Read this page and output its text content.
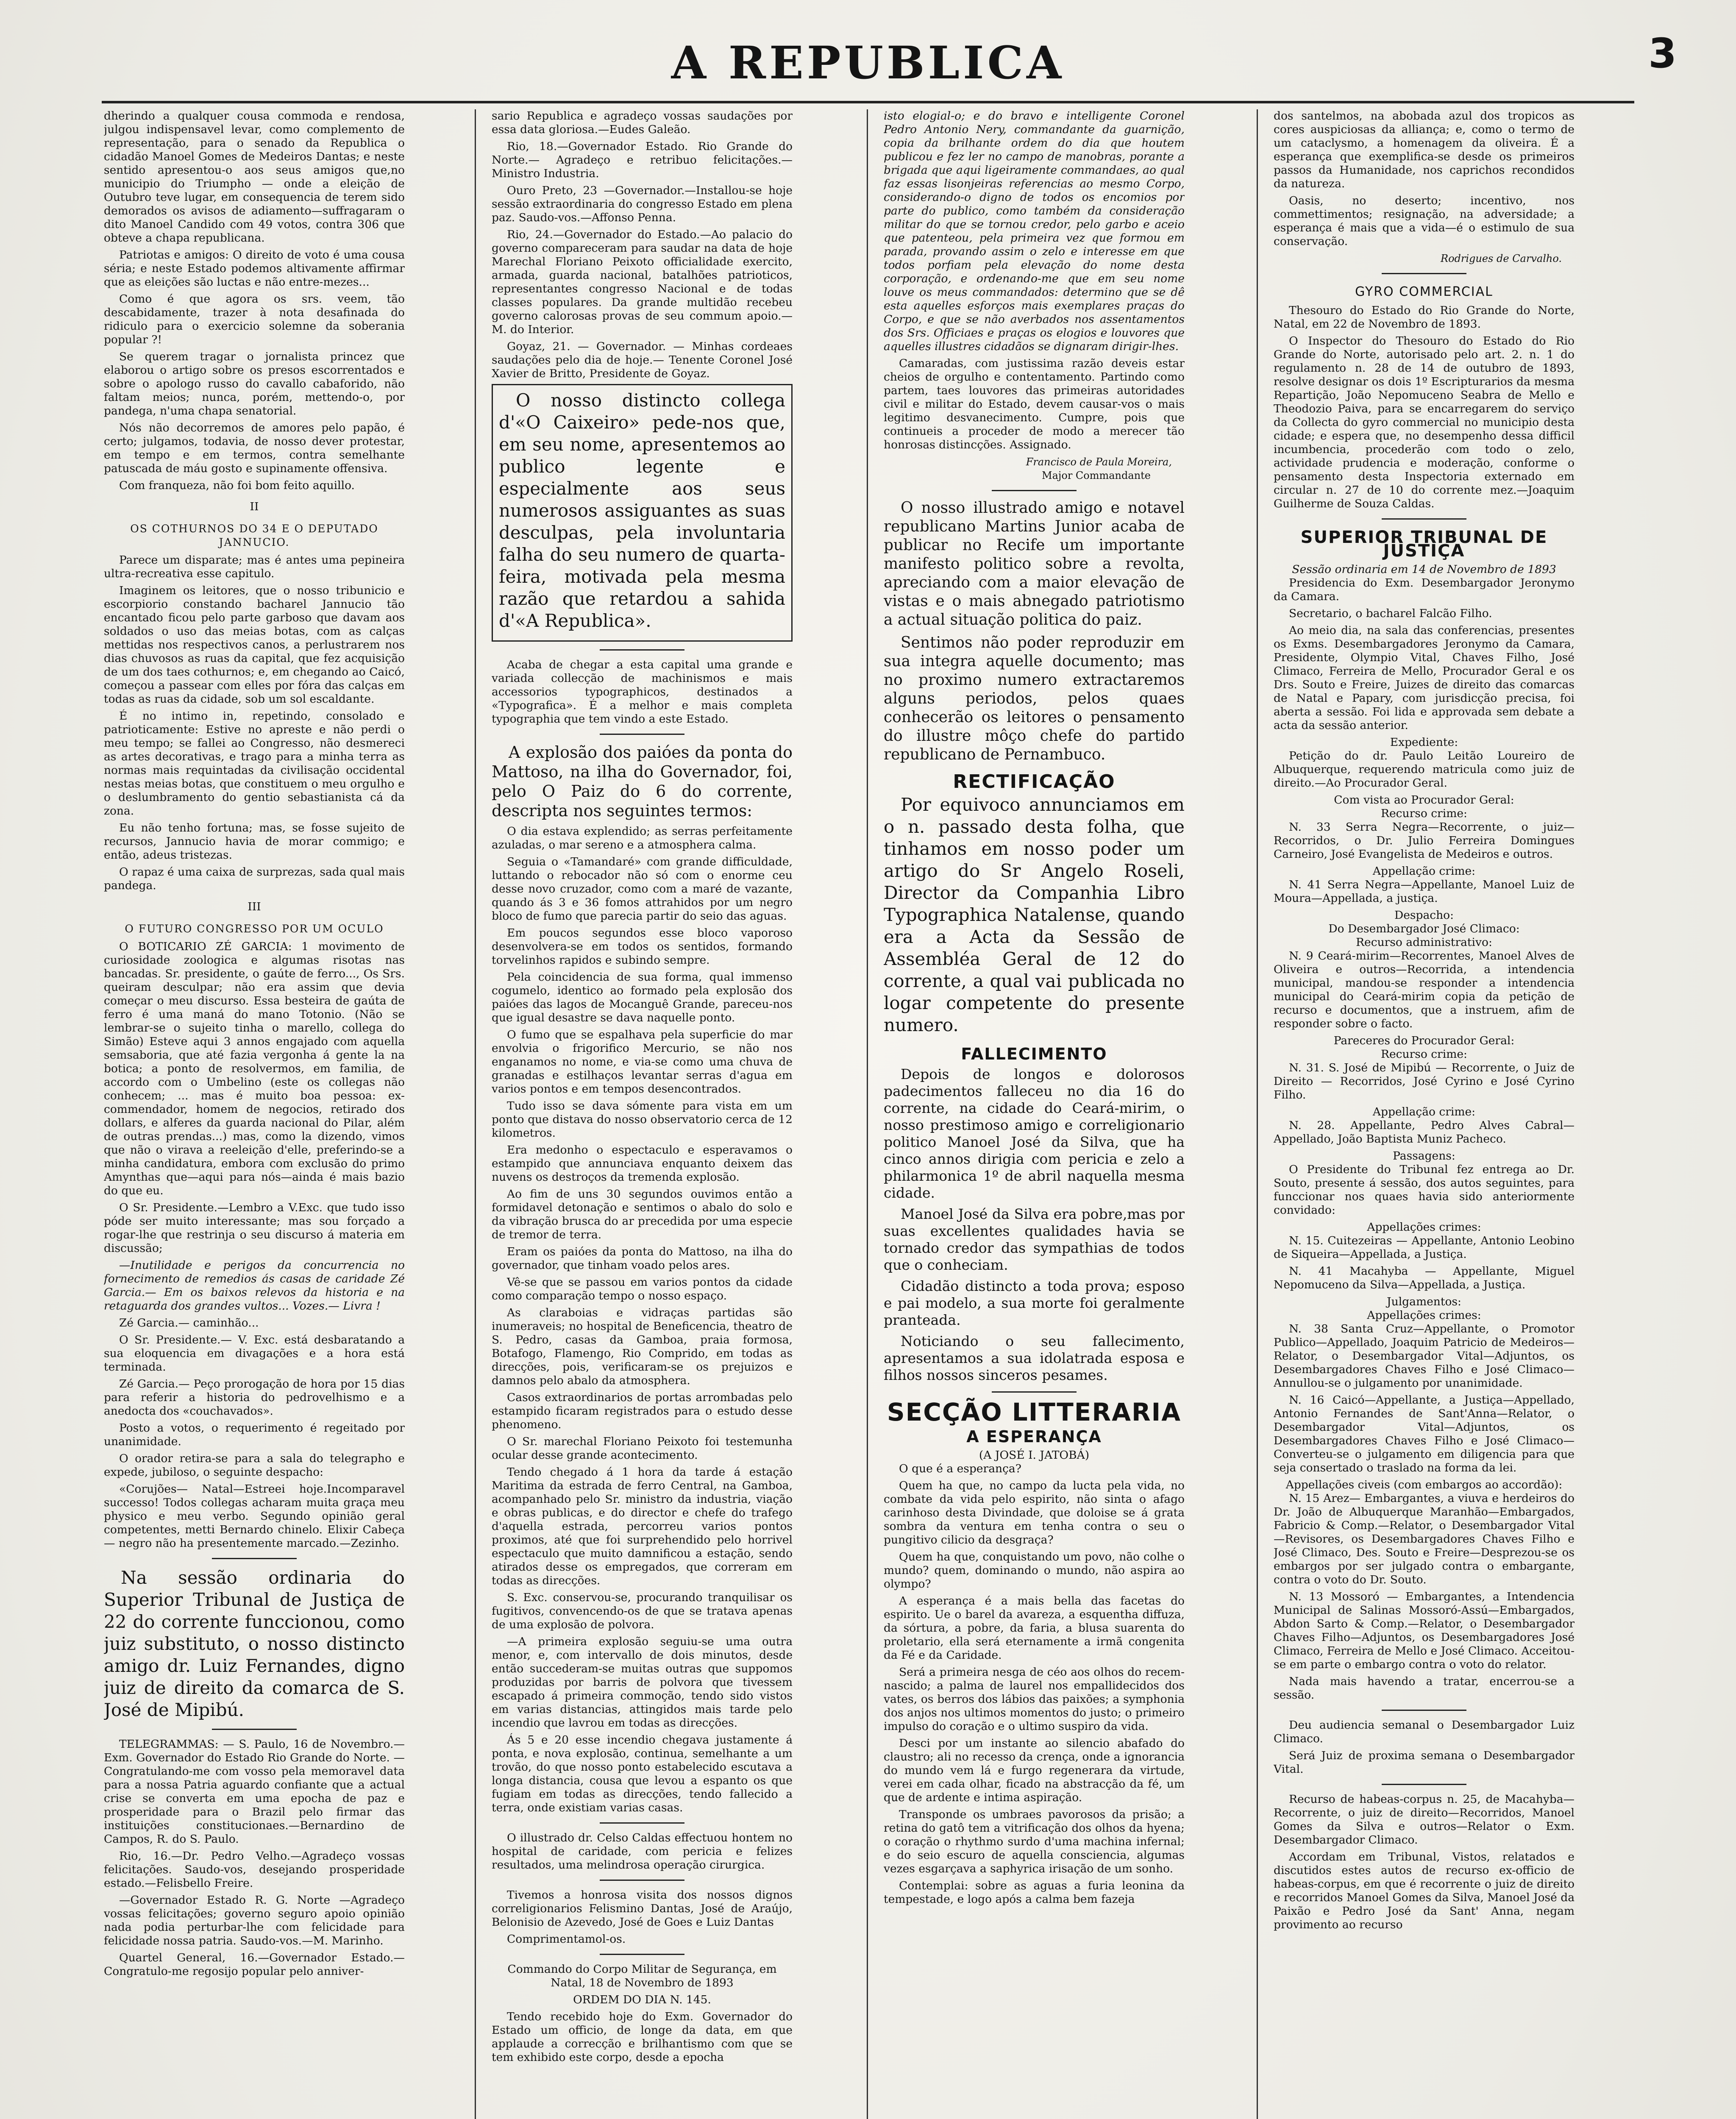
A REPUBLICA	3

dherindo a qualquer cousa commoda e rendosa, julgou indispensavel levar, como complemento de representação, para o senado da Republica o cidadão Manoel Gomes de Medeiros Dantas; e neste sentido apresentou-o aos seus amigos que,no municipio do Triumpho — onde a eleição de Outubro teve lugar, em consequencia de terem sido demorados os avisos de adiamento—suffragaram o dito Manoel Candido com 49 votos, contra 306 que obteve a chapa republicana.

Patriotas e amigos: O direito de voto é uma cousa séria; e neste Estado podemos altivamente affirmar que as eleições são luctas e não entre-mezes...

Como é que agora os srs. veem, tão descabidamente, trazer à nota desafinada do ridiculo para o exercicio solemne da soberania popular ?!

Se querem tragar o jornalista princez que elaborou o artigo sobre os presos escorrentados e sobre o apologo russo do cavallo cabaforido, não faltam meios; nunca, porém, mettendo-o, por pandega, n'uma chapa senatorial.

Nós não decorremos de amores pelo papão, é certo; julgamos, todavia, de nosso dever protestar, em tempo e em termos, contra semelhante patuscada de máu gosto e supinamente offensiva.

Com franqueza, não foi bom feito aquillo.

II
OS COTHURNOS DO 34 E O DEPUTADO JANNUCIO.

Parece um disparate; mas é antes uma pepineira ultra-recreativa esse capitulo.

Imaginem os leitores, que o nosso tribunicio e escorpiorio constando bacharel Jannucio tão encantado ficou pelo parte garboso que davam aos soldados o uso das meias botas, com as calças mettidas nos respectivos canos, a perlustrarem nos dias chuvosos as ruas da capital, que fez acquisição de um dos taes cothurnos; e, em chegando ao Caicó, começou a passear com elles por fóra das calças em todas as ruas da cidade, sob um sol escaldante.

É no intimo in, repetindo, consolado e patrioticamente: Estive no apreste e não perdi o meu tempo; se fallei ao Congresso, não desmereci as artes decorativas, e trago para a minha terra as normas mais requintadas da civilisação occidental nestas meias botas, que constituem o meu orgulho e o deslumbramento do gentio sebastianista cá da zona.

Eu não tenho fortuna; mas, se fosse sujeito de recursos, Jannucio havia de morar commigo; e então, adeus tristezas.

O rapaz é uma caixa de surprezas, sada qual mais pandega.

III
O FUTURO CONGRESSO POR UM OCULO

O BOTICARIO ZÉ GARCIA: 1 movimento de curiosidade zoologica e algumas risotas nas bancadas. Sr. presidente, o gaúte de ferro..., Os Srs. queiram desculpar; não era assim que devia começar o meu discurso. Essa besteira de gaúta de ferro é uma maná do mano Totonio. (Não se lembrar-se o sujeito tinha o marello, collega do Simão) Esteve aqui 3 annos engajado com aquella semsaboria, que até fazia vergonha á gente la na botica; a ponto de resolvermos, em familia, de accordo com o Umbelino (este os collegas não conhecem; ... mas é muito boa pessoa: ex-commendador, homem de negocios, retirado dos dollars, e alferes da guarda nacional do Pilar, além de outras prendas...) mas, como la dizendo, vimos que não o virava a reeleição d'elle, preferindo-se a minha candidatura, embora com exclusão do primo Amynthas que—aqui para nós—ainda é mais bazio do que eu.

O Sr. Presidente.—Lembro a V.Exc. que tudo isso póde ser muito interessante; mas sou forçado a rogar-lhe que restrinja o seu discurso á materia em discussão;

—Inutilidade e perigos da concurrencia no fornecimento de remedios ás casas de caridade Zé Garcia.— Em os baixos relevos da historia e na retaguarda dos grandes vultos... Vozes.— Livra !

Zé Garcia.— caminhão...

O Sr. Presidente.— V. Exc. está desbaratando a sua eloquencia em divagações e a hora está terminada.

Zé Garcia.— Peço prorogação de hora por 15 dias para referir a historia do pedrovelhismo e a anedocta dos «couchavados».

Posto a votos, o requerimento é regeitado por unanimidade.

O orador retira-se para a sala do telegrapho e expede, jubiloso, o seguinte despacho:

«Corujões— Natal—Estreei hoje.Incomparavel successo! Todos collegas acharam muita graça meu physico e meu verbo. Segundo opinião geral competentes, metti Bernardo chinelo. Elixir Cabeça — negro não ha presentemente marcado.—Zezinho.

Na sessão ordinaria do Superior Tribunal de Justiça de 22 do corrente funccionou, como juiz substituto, o nosso distincto amigo dr. Luiz Fernandes, digno juiz de direito da comarca de S. José de Mipibú.

TELEGRAMMAS: — S. Paulo, 16 de Novembro.—Exm. Governador do Estado Rio Grande do Norte. — Congratulando-me com vosso pela memoravel data para a nossa Patria aguardo confiante que a actual crise se converta em uma epocha de paz e prosperidade para o Brazil pelo firmar das instituições constitucionaes.—Bernardino de Campos, R. do S. Paulo.

Rio, 16.—Dr. Pedro Velho.—Agradeço vossas felicitações. Saudo-vos, desejando prosperidade estado.—Felisbello Freire.

—Governador Estado R. G. Norte —Agradeço vossas felicitações; governo seguro apoio opinião nada podia perturbar-lhe com felicidade para felicidade nossa patria. Saudo-vos.—M. Marinho.

Quartel General, 16.—Governador Estado.— Congratulo-me regosijo popular pelo anniver-

sario Republica e agradeço vossas saudações por essa data gloriosa.—Eudes Galeão.

Rio, 18.—Governador Estado. Rio Grande do Norte.— Agradeço e retribuo felicitações.— Ministro Industria.

Ouro Preto, 23 —Governador.—Installou-se hoje sessão extraordinaria do congresso Estado em plena paz. Saudo-vos.—Affonso Penna.

Rio, 24.—Governador do Estado.—Ao palacio do governo compareceram para saudar na data de hoje Marechal Floriano Peixoto officialidade exercito, armada, guarda nacional, batalhões patrioticos, representantes congresso Nacional e de todas classes populares. Da grande multidão recebeu governo calorosas provas de seu commum apoio.—M. do Interior.

Goyaz, 21. — Governador. — Minhas cordeaes saudações pelo dia de hoje.— Tenente Coronel José Xavier de Britto, Presidente de Goyaz.

O nosso distincto collega d'«O Caixeiro» pede-nos que, em seu nome, apresentemos ao publico legente e especialmente aos seus numerosos assiguantes as suas desculpas, pela involuntaria falha do seu numero de quarta-feira, motivada pela mesma razão que retardou a sahida d'«A Republica».

Acaba de chegar a esta capital uma grande e variada collecção de machinismos e mais accessorios typographicos, destinados a «Typografica». É a melhor e mais completa typographia que tem vindo a este Estado.

A explosão dos paióes da ponta do Mattoso, na ilha do Governador, foi, pelo O Paiz do 6 do corrente, descripta nos seguintes termos:

O dia estava explendido; as serras perfeitamente azuladas, o mar sereno e a atmosphera calma.

Seguia o «Tamandaré» com grande difficuldade, luttando o rebocador não só com o enorme ceu desse novo cruzador, como com a maré de vazante, quando ás 3 e 36 fomos attrahidos por um negro bloco de fumo que parecia partir do seio das aguas.

Em poucos segundos esse bloco vaporoso desenvolvera-se em todos os sentidos, formando torvelinhos rapidos e subindo sempre.

Pela coincidencia de sua forma, qual immenso cogumelo, identico ao formado pela explosão dos paióes das lagos de Mocanguê Grande, pareceu-nos que igual desastre se dava naquelle ponto.

O fumo que se espalhava pela superficie do mar envolvia o frigorifico Mercurio, se não nos enganamos no nome, e via-se como uma chuva de granadas e estilhaços levantar serras d'agua em varios pontos e em tempos desencontrados.

Tudo isso se dava sómente para vista em um ponto que distava do nosso observatorio cerca de 12 kilometros.

Era medonho o espectaculo e esperavamos o estampido que annunciava enquanto deixem das nuvens os destroços da tremenda explosão.

Ao fim de uns 30 segundos ouvimos então a formidavel detonação e sentimos o abalo do solo e da vibração brusca do ar precedida por uma especie de tremor de terra.

Eram os paióes da ponta do Mattoso, na ilha do governador, que tinham voado pelos ares.

Vê-se que se passou em varios pontos da cidade como comparação tempo o nosso espaço.

As claraboias e vidraças partidas são inumeraveis; no hospital de Beneficencia, theatro de S. Pedro, casas da Gamboa, praia formosa, Botafogo, Flamengo, Rio Comprido, em todas as direcções, pois, verificaram-se os prejuizos e damnos pelo abalo da atmosphera.

Casos extraordinarios de portas arrombadas pelo estampido ficaram registrados para o estudo desse phenomeno.

O Sr. marechal Floriano Peixoto foi testemunha ocular desse grande acontecimento.

Tendo chegado á 1 hora da tarde á estação Maritima da estrada de ferro Central, na Gamboa, acompanhado pelo Sr. ministro da industria, viação e obras publicas, e do director e chefe do trafego d'aquella estrada, percorreu varios pontos proximos, até que foi surprehendido pelo horrivel espectaculo que muito damnificou a estação, sendo atirados desse os empregados, que correram em todas as direcções.

S. Exc. conservou-se, procurando tranquilisar os fugitivos, convencendo-os de que se tratava apenas de uma explosão de polvora.

—A primeira explosão seguiu-se uma outra menor, e, com intervallo de dois minutos, desde então succederam-se muitas outras que suppomos produzidas por barris de polvora que tivessem escapado á primeira commoção, tendo sido vistos em varias distancias, attingidos mais tarde pelo incendio que lavrou em todas as direcções.

Ás 5 e 20 esse incendio chegava justamente á ponta, e nova explosão, continua, semelhante a um trovão, do que nosso ponto estabelecido escutava a longa distancia, cousa que levou a espanto os que fugiam em todas as direcções, tendo fallecido a terra, onde existiam varias casas.

O illustrado dr. Celso Caldas effectuou hontem no hospital de caridade, com pericia e felizes resultados, uma melindrosa operação cirurgica.

Tivemos a honrosa visita dos nossos dignos correligionarios Felismino Dantas, José de Araújo, Belonisio de Azevedo, José de Goes e Luiz Dantas

Comprimentamol-os.

Commando do Corpo Militar de Segurança, em Natal, 18 de Novembro de 1893

ORDEM DO DIA N. 145.

Tendo recebido hoje do Exm. Governador do Estado um officio, de longe da data, em que applaude a correcção e brilhantismo com que se tem exhibido este corpo, desde a epocha

isto elogial-o; e do bravo e intelligente Coronel Pedro Antonio Nery, commandante da guarnição, copia da brilhante ordem do dia que houtem publicou e fez ler no campo de manobras, porante a brigada que aqui ligeiramente commandaes, ao qual faz essas lisonjeiras referencias ao mesmo Corpo, considerando-o digno de todos os encomios por parte do publico, como também da consideração militar do que se tornou credor, pelo garbo e aceio que patenteou, pela primeira vez que formou em parada, provando assim o zelo e interesse em que todos porfiam pela elevação do nome desta corporação, e ordenando-me que em seu nome louve os meus commandados: determino que se dê esta aquelles esforços mais exemplares praças do Corpo, e que se não averbados nos assentamentos dos Srs. Officiaes e praças os elogios e louvores que aquelles illustres cidadãos se dignaram dirigir-lhes.

Camaradas, com justissima razão deveis estar cheios de orgulho e contentamento. Partindo como partem, taes louvores das primeiras autoridades civil e militar do Estado, devem causar-vos o mais legitimo desvanecimento. Cumpre, pois que continueis a proceder de modo a merecer tão honrosas distincções. Assignado.

Francisco de Paula Moreira,
Major Commandante

O nosso illustrado amigo e notavel republicano Martins Junior acaba de publicar no Recife um importante manifesto politico sobre a revolta, apreciando com a maior elevação de vistas e o mais abnegado patriotismo a actual situação politica do paiz.

Sentimos não poder reproduzir em sua integra aquelle documento; mas no proximo numero extractaremos alguns periodos, pelos quaes conhecerão os leitores o pensamento do illustre môço chefe do partido republicano de Pernambuco.

RECTIFICAÇÃO

Por equivoco annunciamos em o n. passado desta folha, que tinhamos em nosso poder um artigo do Sr Angelo Roseli, Director da Companhia Libro Typographica Natalense, quando era a Acta da Sessão de Assembléa Geral de 12 do corrente, a qual vai publicada no logar competente do presente numero.

FALLECIMENTO

Depois de longos e dolorosos padecimentos falleceu no dia 16 do corrente, na cidade do Ceará-mirim, o nosso prestimoso amigo e correligionario politico Manoel José da Silva, que ha cinco annos dirigia com pericia e zelo a philarmonica 1º de abril naquella mesma cidade.

Manoel José da Silva era pobre,mas por suas excellentes qualidades havia se tornado credor das sympathias de todos que o conheciam.

Cidadão distincto a toda prova; esposo e pai modelo, a sua morte foi geralmente pranteada.

Noticiando o seu fallecimento, apresentamos a sua idolatrada esposa e filhos nossos sinceros pesames.

SECÇÃO LITTERARIA
A ESPERANÇA
(A JOSÉ I. JATOBÁ)

O que é a esperança?

Quem ha que, no campo da lucta pela vida, no combate da vida pelo espirito, não sinta o afago carinhoso desta Divindade, que doloise se á grata sombra da ventura em tenha contra o seu o pungitivo cilicio da desgraça?

Quem ha que, conquistando um povo, não colhe o mundo? quem, dominando o mundo, não aspira ao olympo?

A esperança é a mais bella das facetas do espirito. Ue o barel da avareza, a esquentha diffuza, da sórtura, a pobre, da faria, a blusa suarenta do proletario, ella será eternamente a irmã congenita da Fé e da Caridade.

Será a primeira nesga de céo aos olhos do recem-nascido; a palma de laurel nos empallidecidos dos vates, os berros dos lábios das paixões; a symphonia dos anjos nos ultimos momentos do justo; o primeiro impulso do coração e o ultimo suspiro da vida.

Desci por um instante ao silencio abafado do claustro; ali no recesso da crença, onde a ignorancia do mundo vem lá e furgo regenerara da virtude, verei em cada olhar, ficado na abstracção da fé, um que de ardente e intima aspiração.

Transponde os umbraes pavorosos da prisão; a retina do gatô tem a vitrificação dos olhos da hyena; o coração o rhythmo surdo d'uma machina infernal; e do seio escuro de aquella consciencia, algumas vezes esgarçava a saphyrica irisação de um sonho.

Contemplai: sobre as aguas a furia leonina da tempestade, e logo após a calma bem fazeja

dos santelmos, na abobada azul dos tropicos as cores auspiciosas da alliança; e, como o termo de um cataclysmo, a homenagem da oliveira. É a esperança que exemplifica-se desde os primeiros passos da Humanidade, nos caprichos recondidos da natureza.

Oasis, no deserto; incentivo, nos commettimentos; resignação, na adversidade; a esperança é mais que a vida—é o estimulo de sua conservação.

Rodrigues de Carvalho.
GYRO COMMERCIAL

Thesouro do Estado do Rio Grande do Norte, Natal, em 22 de Novembro de 1893.

O Inspector do Thesouro do Estado do Rio Grande do Norte, autorisado pelo art. 2. n. 1 do regulamento n. 28 de 14 de outubro de 1893, resolve designar os dois 1º Escripturarios da mesma Repartição, João Nepomuceno Seabra de Mello e Theodozio Paiva, para se encarregarem do serviço da Collecta do gyro commercial no municipio desta cidade; e espera que, no desempenho dessa difficil incumbencia, procederão com todo o zelo, actividade prudencia e moderação, conforme o pensamento desta Inspectoria externado em circular n. 27 de 10 do corrente mez.—Joaquim Guilherme de Souza Caldas.

SUPERIOR TRIBUNAL DE JUSTIÇA
Sessão ordinaria em 14 de Novembro de 1893

Presidencia do Exm. Desembargador Jeronymo da Camara.

Secretario, o bacharel Falcão Filho.

Ao meio dia, na sala das conferencias, presentes os Exms. Desembargadores Jeronymo da Camara, Presidente, Olympio Vital, Chaves Filho, José Climaco, Ferreira de Mello, Procurador Geral e os Drs. Souto e Freire, Juizes de direito das comarcas de Natal e Papary, com jurisdicção precisa, foi aberta a sessão. Foi lida e approvada sem debate a acta da sessão anterior.

Expediente:

Petição do dr. Paulo Leitão Loureiro de Albuquerque, requerendo matricula como juiz de direito.—Ao Procurador Geral.

Com vista ao Procurador Geral:
Recurso crime:

N. 33 Serra Negra—Recorrente, o juiz—Recorridos, o Dr. Julio Ferreira Domingues Carneiro, José Evangelista de Medeiros e outros.

Appellação crime:

N. 41 Serra Negra—Appellante, Manoel Luiz de Moura—Appellada, a justiça.

Despacho:
Do Desembargador José Climaco:
Recurso administrativo:

N. 9 Ceará-mirim—Recorrentes, Manoel Alves de Oliveira e outros—Recorrida, a intendencia municipal, mandou-se responder a intendencia municipal do Ceará-mirim copia da petição de recurso e documentos, que a instruem, afim de responder sobre o facto.

Pareceres do Procurador Geral:
Recurso crime:

N. 31. S. José de Mipibú — Recorrente, o Juiz de Direito — Recorridos, José Cyrino e José Cyrino Filho.

Appellação crime:

N. 28. Appellante, Pedro Alves Cabral—Appellado, João Baptista Muniz Pacheco.

Passagens:

O Presidente do Tribunal fez entrega ao Dr. Souto, presente á sessão, dos autos seguintes, para funccionar nos quaes havia sido anteriormente convidado:

Appellações crimes:

N. 15. Cuitezeiras — Appellante, Antonio Leobino de Siqueira—Appellada, a Justiça.

N. 41 Macahyba — Appellante, Miguel Nepomuceno da Silva—Appellada, a Justiça.

Julgamentos:
Appellações crimes:

N. 38 Santa Cruz—Appellante, o Promotor Publico—Appellado, Joaquim Patricio de Medeiros—Relator, o Desembargador Vital—Adjuntos, os Desembargadores Chaves Filho e José Climaco—Annullou-se o julgamento por unanimidade.

N. 16 Caicó—Appellante, a Justiça—Appellado, Antonio Fernandes de Sant'Anna—Relator, o Desembargador Vital—Adjuntos, os Desembargadores Chaves Filho e José Climaco—Converteu-se o julgamento em diligencia para que seja consertado o traslado na forma da lei.

Appellações civeis (com embargos ao accordão):

N. 15 Arez— Embargantes, a viuva e herdeiros do Dr. João de Albuquerque Maranhão—Embargados, Fabricio & Comp.—Relator, o Desembargador Vital—Revisores, os Desembargadores Chaves Filho e José Climaco, Des. Souto e Freire—Desprezou-se os embargos por ser julgado contra o embargante, contra o voto do Dr. Souto.

N. 13 Mossoró — Embargantes, a Intendencia Municipal de Salinas Mossoró-Assú—Embargados, Abdon Sarto & Comp.—Relator, o Desembargador Chaves Filho—Adjuntos, os Desembargadores José Climaco, Ferreira de Mello e José Climaco. Acceitou-se em parte o embargo contra o voto do relator.

Nada mais havendo a tratar, encerrou-se a sessão.

Deu audiencia semanal o Desembargador Luiz Climaco.

Será Juiz de proxima semana o Desembargador Vital.

Recurso de habeas-corpus n. 25, de Macahyba—Recorrente, o juiz de direito—Recorridos, Manoel Gomes da Silva e outros—Relator o Exm. Desembargador Climaco.

Accordam em Tribunal, Vistos, relatados e discutidos estes autos de recurso ex-officio de habeas-corpus, em que é recorrente o juiz de direito e recorridos Manoel Gomes da Silva, Manoel José da Paixão e Pedro José da Sant' Anna, negam provimento ao recurso
